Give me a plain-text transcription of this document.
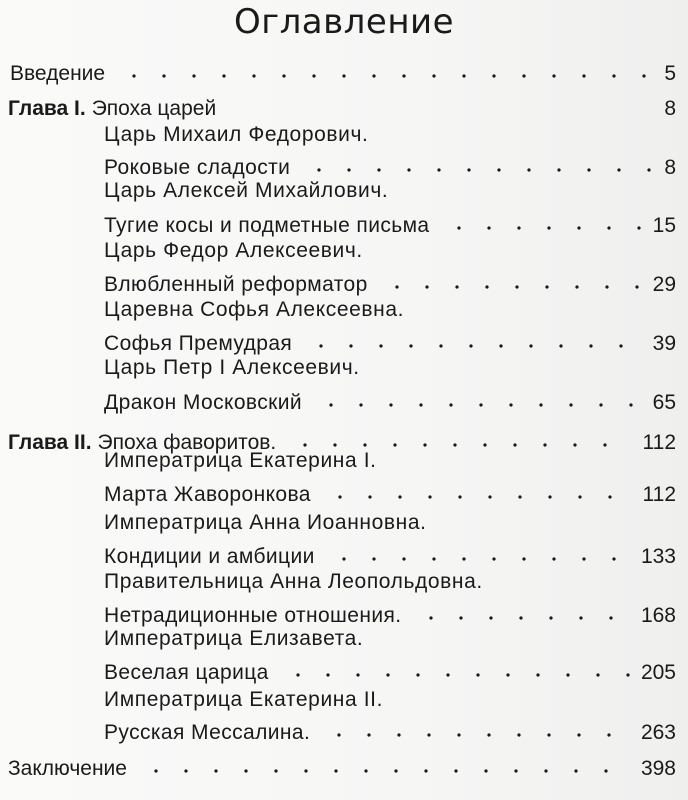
Оглавление
Введение	5
Глава I. Эпоха царей	8
Царь Михаил Федорович.
Роковые сладости	8
Царь Алексей Михайлович.
Тугие косы и подметные письма	15
Царь Федор Алексеевич.
Влюбленный реформатор	29
Царевна Софья Алексеевна.
Софья Премудрая	39
Царь Петр I Алексеевич.
Дракон Московский	65
Глава II. Эпоха фаворитов.	112
Императрица Екатерина I.
Марта Жаворонкова	112
Императрица Анна Иоанновна.
Кондиции и амбиции	133
Правительница Анна Леопольдовна.
Нетрадиционные отношения.	168
Императрица Елизавета.
Веселая царица	205
Императрица Екатерина II.
Русская Мессалина.	263
Заключение	398
